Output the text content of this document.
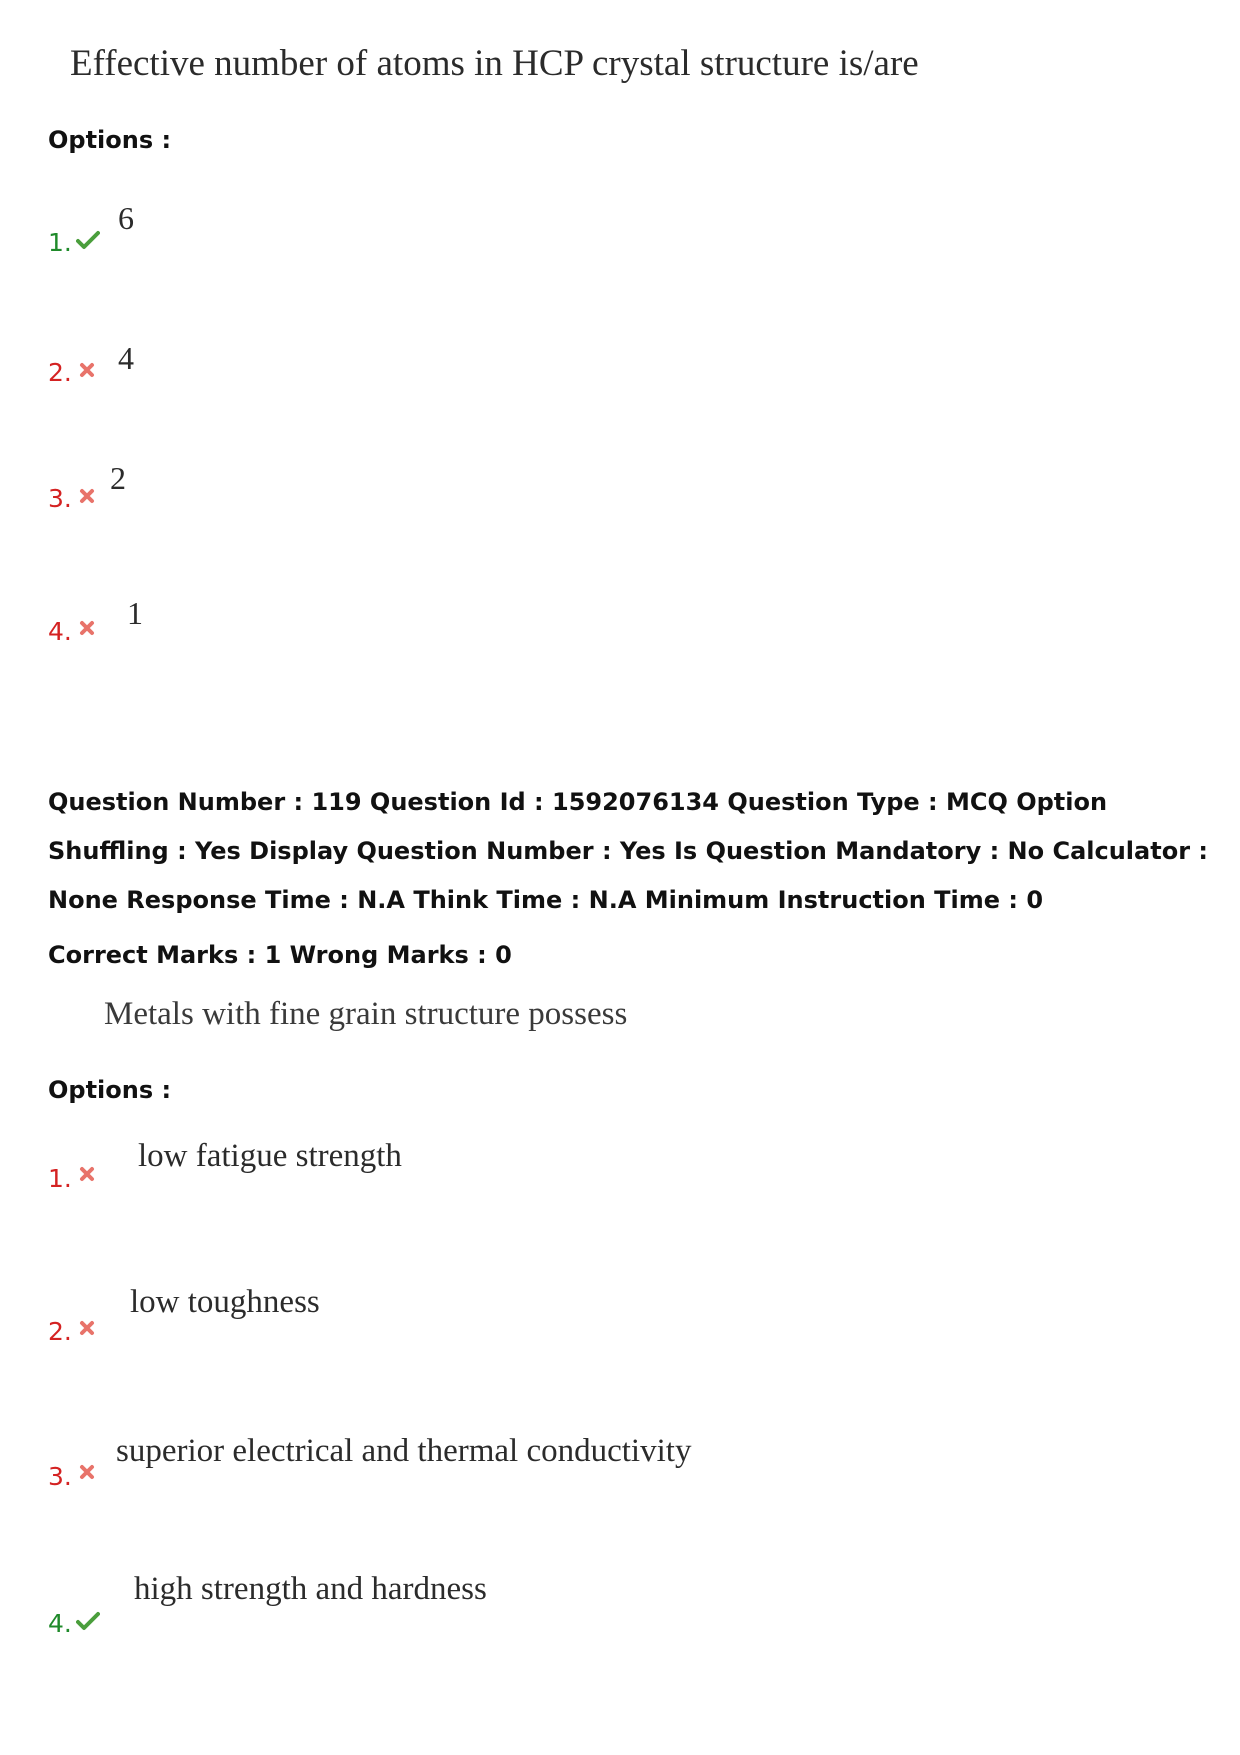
Effective number of atoms in HCP crystal structure is/are
Options :
1.
6
2. 4
3.
2
4.
1
Question Number : 119 Question Id : 1592076134 Question Type : MCQ Option Shuffling : Yes Display Question Number : Yes Is Question Mandatory : No Calculator : None Response Time : N.A Think Time : N.A Minimum Instruction Time : 0
Correct Marks : 1 Wrong Marks : 0
Metals with fine grain structure possess
Options :
1.
low fatigue strength
2.
low toughness
3.
superior electrical and thermal conductivity
4.
high strength and hardness
